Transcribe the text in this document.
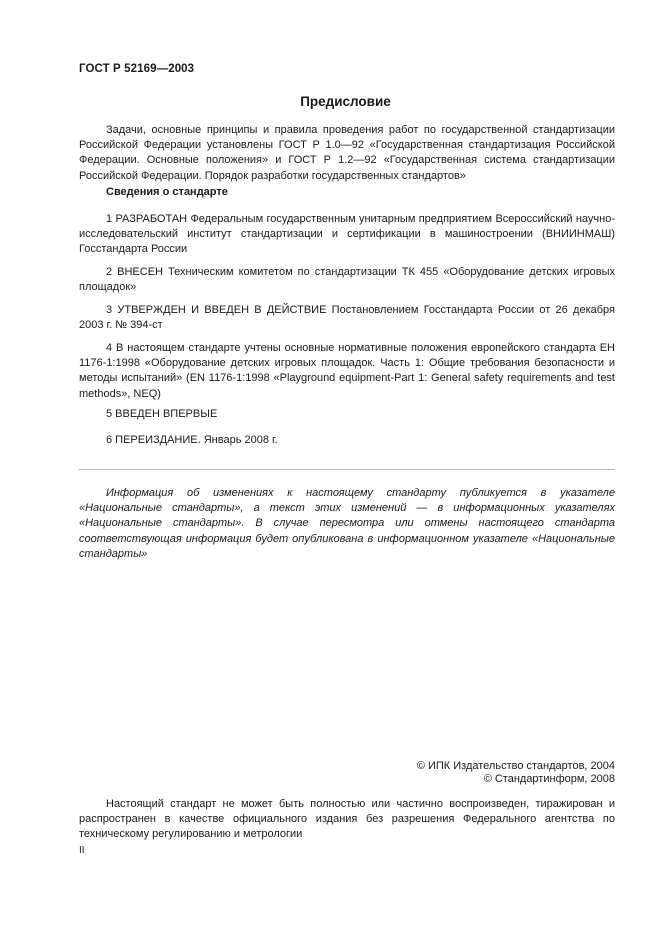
ГОСТ Р 52169—2003
Предисловие

Задачи, основные принципы и правила проведения работ по государственной стандартизации Российской Федерации установлены ГОСТ Р 1.0—92 «Государственная стандартизация Российской Федерации. Основные положения» и ГОСТ Р 1.2—92 «Государственная система стандартизации Российской Федерации. Порядок разработки государственных стандартов»

Сведения о стандарте

1 РАЗРАБОТАН Федеральным государственным унитарным предприятием Всероссийский научно-исследовательский институт стандартизации и сертификации в машиностроении (ВНИИНМАШ) Госстандарта России

2 ВНЕСЕН Техническим комитетом по стандартизации ТК 455 «Оборудование детских игровых площадок»

3 УТВЕРЖДЕН И ВВЕДЕН В ДЕЙСТВИЕ Постановлением Госстандарта России от 26 декабря 2003 г. № 394-ст

4 В настоящем стандарте учтены основные нормативные положения европейского стандарта ЕН 1176-1:1998 «Оборудование детских игровых площадок. Часть 1: Общие требования безопасности и методы испытаний» (EN 1176-1:1998 «Playground equipment-Part 1: General safety requirements and test methods», NEQ)

5 ВВЕДЕН ВПЕРВЫЕ

6 ПЕРЕИЗДАНИЕ. Январь 2008 г.

Информация об изменениях к настоящему стандарту публикуется в указателе «Национальные стандарты», а текст этих изменений — в информационных указателях «Национальные стандарты». В случае пересмотра или отмены настоящего стандарта соответствующая информация будет опубликована в информационном указателе «Национальные стандарты»

© ИПК Издательство стандартов, 2004
© Стандартинформ, 2008

Настоящий стандарт не может быть полностью или частично воспроизведен, тиражирован и распространен в качестве официального издания без разрешения Федерального агентства по техническому регулированию и метрологии

II
